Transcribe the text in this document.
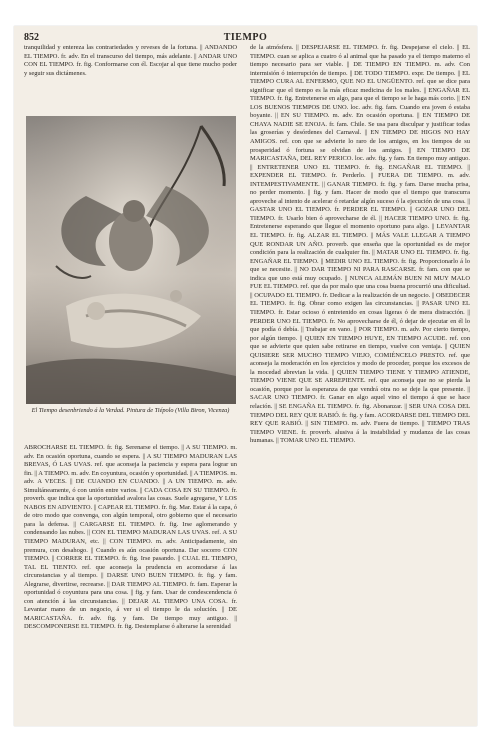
852	TIEMPO

tranquilidad y entereza las contrariedades y reveses de la fortuna. || ANDANDO EL TIEMPO. fr. adv. En el transcurso del tiempo, más adelante. || ANDAR UNO CON EL TIEMPO. fr. fig. Conformarse con él. Escojar al que tiene mucho poder y seguir sus dictámenes.

El Tiempo desenbriendo á la Verdad. Pintura de Tiépolo (Villa Biron, Vicenza)

ABROCHARSE EL TIEMPO. fr. fig. Serenarse el tiempo. || A SU TIEMPO. m. adv. En ocasión oportuna, cuando se espera. || A SU TIEMPO MADURAN LAS BREVAS, Ó LAS UVAS. ref. que aconseja la paciencia y espera para lograr un fin. || A TIEMPO. m. adv. En coyuntura, ocasión y oportunidad. || A TIEMPOS. m. adv. A VECES. || DE CUANDO EN CUANDO. || A UN TIEMPO. m. adv. Simultáneamente, ó con unión entre varios. || CADA COSA EN SU TIEMPO. fr. proverb. que indica que la oportunidad avalora las cosas. Suele agregarse, Y LOS NABOS EN ADVIENTO. || CAPEAR EL TIEMPO. fr. fig. Mar. Estar á la capa, ó de otro modo que convenga, con algún temporal, otro gobierno que el necesario para la defensa. || CARGARSE EL TIEMPO. fr. fig. Irse aglomerando y condensando las nubes. || CON EL TIEMPO MADURAN LAS UVAS. ref. A SU TIEMPO MADURAN, etc. || CON TIEMPO. m. adv. Anticipadamente, sin premura, con desahogo. || Cuando es aún ocasión oportuna. Dar socorro CON TIEMPO. || CORRER EL TIEMPO. fr. fig. Irse pasando. || CUAL EL TIEMPO, TAL EL TIENTO. ref. que aconseja la prudencia en acomodarse á las circunstancias y al tiempo. || DARSE UNO BUEN TIEMPO. fr. fig. y fam. Alegrarse, divertirse, recrearse. || DAR TIEMPO AL TIEMPO. fr. fam. Esperar la oportunidad ó coyuntura para una cosa. || fig. y fam. Usar de condescendencia ó con atención á las circunstancias. || DEJAR AL TIEMPO UNA COSA. fr. Levantar mano de un negocio, á ver si el tiempo le da solución. || DE MARICASTAÑA. fr. adv. fig. y fam. De tiempo muy antiguo. || DESCOMPONERSE EL TIEMPO. fr. fig. Destemplarse ó alterarse la serenidad

de la atmósfera. || DESPEJARSE EL TIEMPO. fr. fig. Despejarse el cielo. || EL TIEMPO. cuan se aplica a cuatro ó al animal que ha pasado ya el tiempo materno el tiempo necesario para ser viable. || DE TIEMPO EN TIEMPO. m. adv. Con intermisión ó interrupción de tiempo. || DE TODO TIEMPO. expr. De tiempo. || EL TIEMPO CURA AL ENFERMO, QUE NO EL UNGÜENTO. ref. que se dice para significar que el tiempo es la más eficaz medicina de los males. || ENGAÑAR EL TIEMPO. fr. fig. Entretenerse en algo, para que el tiempo se le haga más corto. || EN LOS BUENOS TIEMPOS DE UNO. loc. adv. fig. fam. Cuando era joven ó estaba boyante. || EN SU TIEMPO. m. adv. En ocasión oportuna. || EN TIEMPO DE CHAYA NADIE SE ENOJA. fr. fam. Chile. Se usa para disculpar y justificar todas las groserías y desórdenes del Carnaval. || EN TIEMPO DE HIGOS NO HAY AMIGOS. ref. con que se advierte lo raro de los amigos, en los tiempos de su prosperidad ó fortuna se olvidan de los amigos. || EN TIEMPO DE MARICASTAÑA, DEL REY PERICO. loc. adv. fig. y fam. En tiempo muy antiguo. || ENTRETENER UNO EL TIEMPO. fr. fig. ENGAÑAR EL TIEMPO. || EXPENDER EL TIEMPO. fr. Perderlo. || FUERA DE TIEMPO. m. adv. INTEMPESTIVAMENTE. || GANAR TIEMPO. fr. fig. y fam. Darse mucha prisa, no perder momento. || fig. y fam. Hacer de modo que el tiempo que transcurra aproveche al intento de acelerar ó retardar algún suceso ó la ejecución de una cosa. || GASTAR UNO EL TIEMPO. fr. PERDER EL TIEMPO. || GOZAR UNO DEL TIEMPO. fr. Usarlo bien ó aprovecharse de él. || HACER TIEMPO UNO. fr. fig. Entretenerse esperando que llegue el momento oportuno para algo. || LEVANTAR EL TIEMPO. fr. fig. ALZAR EL TIEMPO. || MÁS VALE LLEGAR A TIEMPO QUE RONDAR UN AÑO. proverb. que enseña que la oportunidad es de mejor condición para la realización de cualquier fin. || MATAR UNO EL TIEMPO. fr. fig. ENGAÑAR EL TIEMPO. || MEDIR UNO EL TIEMPO. fr. fig. Proporcionarlo á lo que se necesite. || NO DAR TIEMPO NI PARA RASCARSE. fr. fam. con que se indica que uno está muy ocupado. || NUNCA ALEMÁN BUEN NI MUY MALO FUE EL TIEMPO. ref. que da por malo que una cosa buena procurrió una dificultad. || OCUPADO EL TIEMPO. fr. Dedicar a la realización de un negocio. || OBEDECER EL TIEMPO. fr. fig. Obrar como exigen las circunstancias. || PASAR UNO EL TIEMPO. fr. Estar ocioso ó entretenido en cosas ligeras ó de mera distracción. || PERDER UNO EL TIEMPO. fr. No aprovecharse de él, ó dejar de ejecutar en él lo que podía ó debía. || Trabajar en vano. || POR TIEMPO. m. adv. Por cierto tiempo, por algún tiempo. || QUIEN EN TIEMPO HUYE, EN TIEMPO ACUDE. ref. con que se advierte que quien sabe retirarse en tiempo, vuelve con ventaja. || QUIEN QUISIERE SER MUCHO TIEMPO VIEJO, COMIÉNCELO PRESTO. ref. que aconseja la moderación en los ejercicios y modo de proceder, porque los excesos de la mocedad abrevian la vida. || QUIEN TIEMPO TIENE Y TIEMPO ATIENDE, TIEMPO VIENE QUE SE ARREPIENTE. ref. que aconseja que no se pierda la ocasión, porque por la esperanza de que vendrá otra no se deje la que presente. || SACAR UNO TIEMPO. fr. Ganar en algo aquel vino el tiempo á que se hace relación. || SE ENGAÑA EL TIEMPO. fr. fig. Abonanzar. || SER UNA COSA DEL TIEMPO DEL REY QUE RABIÓ. fr. fig. y fam. ACORDARSE DEL TIEMPO DEL REY QUE RABIÓ. || SIN TIEMPO. m. adv. Fuera de tiempo. || TIEMPO TRAS TIEMPO VIENE. fr. proverb. alusiva á la instabilidad y mudanza de las cosas humanas. || TOMAR UNO EL TIEMPO.
